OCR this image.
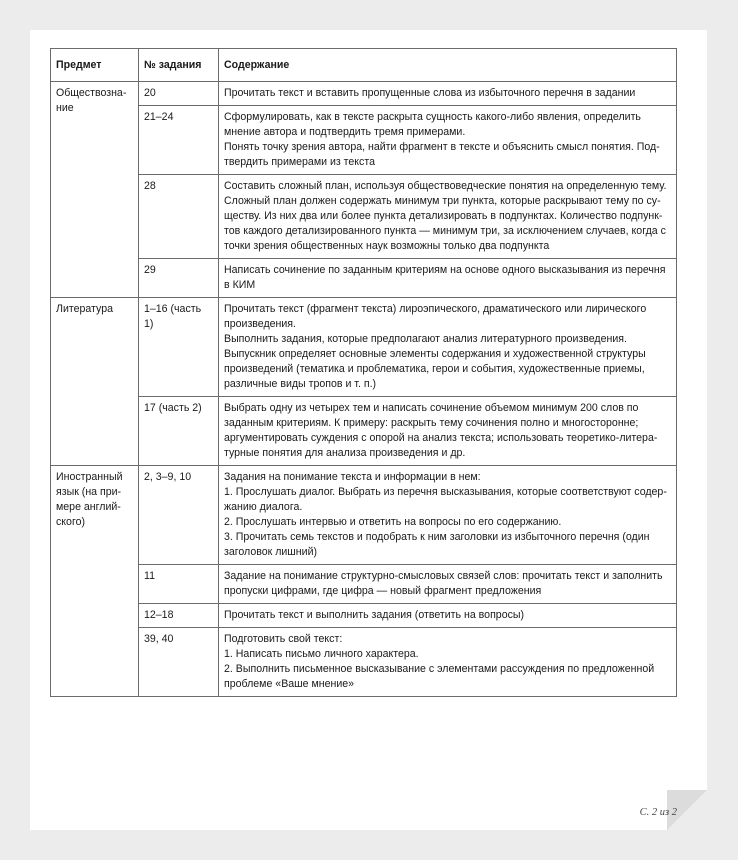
Предмет	№ задания	Содержание

Обществозна-
ние	20	Прочитать текст и вставить пропущенные слова из избыточного перечня в задании

	21–24	Сформулировать, как в тексте раскрыта сущность какого-либо явления, определить мнение автора и подтвердить тремя примерами.
Понять точку зрения автора, найти фрагмент в тексте и объяснить смысл понятия. Под-твердить примерами из текста

	28	Составить сложный план, используя обществоведческие понятия на определенную тему. Сложный план должен содержать минимум три пункта, которые раскрывают тему по су-ществу. Из них два или более пункта детализировать в подпунктах. Количество подпунк-тов каждого детализированного пункта — минимум три, за исключением случаев, когда с точки зрения общественных наук возможны только два подпункта

	29	Написать сочинение по заданным критериям на основе одного высказывания из перечня в КИМ

Литература	1–16 (часть 1)	Прочитать текст (фрагмент текста) лироэпического, драматического или лирического произведения.
Выполнить задания, которые предполагают анализ литературного произведения.
Выпускник определяет основные элементы содержания и художественной структуры произведений (тематика и проблематика, герои и события, художественные приемы, различные виды тропов и т. п.)

	17 (часть 2)	Выбрать одну из четырех тем и написать сочинение объемом минимум 200 слов по заданным критериям. К примеру: раскрыть тему сочинения полно и многосторонне; аргументировать суждения с опорой на анализ текста; использовать теоретико-литера-турные понятия для анализа произведения и др.

Иностранный язык (на при-мере англий-ского)	2, 3–9, 10	Задания на понимание текста и информации в нем:
1. Прослушать диалог. Выбрать из перечня высказывания, которые соответствуют содер-жанию диалога.
2. Прослушать интервью и ответить на вопросы по его содержанию.
3. Прочитать семь текстов и подобрать к ним заголовки из избыточного перечня (один заголовок лишний)

	11	Задание на понимание структурно-смысловых связей слов: прочитать текст и заполнить пропуски цифрами, где цифра — новый фрагмент предложения

	12–18	Прочитать текст и выполнить задания (ответить на вопросы)

	39, 40	Подготовить свой текст:
1. Написать письмо личного характера.
2. Выполнить письменное высказывание с элементами рассуждения по предложенной проблеме «Ваше мнение»
С. 2 из 2
